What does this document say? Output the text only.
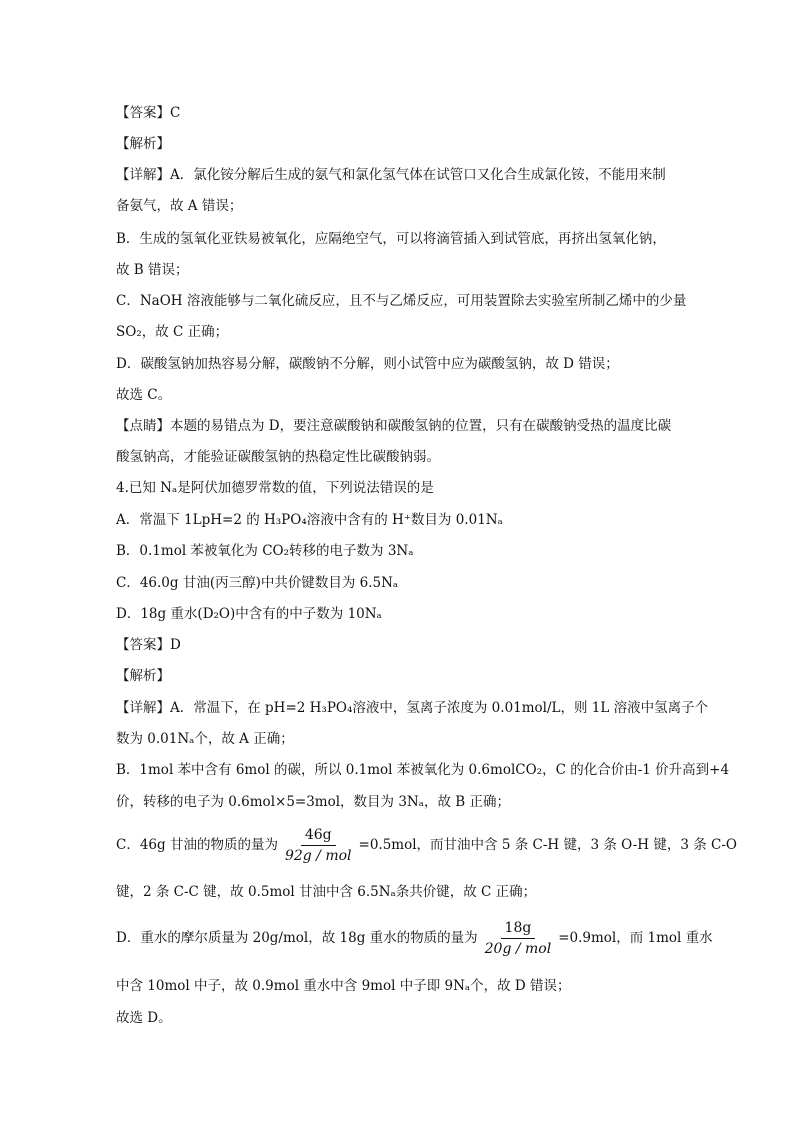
【答案】C
【解析】
【详解】A．氯化铵分解后生成的氨气和氯化氢气体在试管口又化合生成氯化铵，不能用来制
备氨气，故 A 错误；
B．生成的氢氧化亚铁易被氧化，应隔绝空气，可以将滴管插入到试管底，再挤出氢氧化钠，
故 B 错误；
C．NaOH 溶液能够与二氧化硫反应，且不与乙烯反应，可用装置除去实验室所制乙烯中的少量
SO₂，故 C 正确；
D．碳酸氢钠加热容易分解，碳酸钠不分解，则小试管中应为碳酸氢钠，故 D 错误；
故选 C。
【点睛】本题的易错点为 D，要注意碳酸钠和碳酸氢钠的位置，只有在碳酸钠受热的温度比碳
酸氢钠高，才能验证碳酸氢钠的热稳定性比碳酸钠弱。
4.已知 Nₐ是阿伏加德罗常数的值，下列说法错误的是
A．常温下 1LpH=2 的 H₃PO₄溶液中含有的 H⁺数目为 0.01Nₐ
B．0.1mol 苯被氧化为 CO₂转移的电子数为 3Nₐ
C．46.0g 甘油(丙三醇)中共价键数目为 6.5Nₐ
D．18g 重水(D₂O)中含有的中子数为 10Nₐ
【答案】D
【解析】
【详解】A．常温下，在 pH=2 H₃PO₄溶液中，氢离子浓度为 0.01mol/L，则 1L 溶液中氢离子个
数为 0.01Nₐ个，故 A 正确；
B．1mol 苯中含有 6mol 的碳，所以 0.1mol 苯被氧化为 0.6molCO₂，C 的化合价由-1 价升高到+4
价，转移的电子为 0.6mol×5=3mol，数目为 3Nₐ，故 B 正确；
C．46g 甘油的物质的量为 $\frac{46g}{\text{92g / mol}} =0.5mol$，而甘油中含 5 条 C-H 键，3 条 O-H 键，3 条 C-O
键，2 条 C-C 键，故 0.5mol 甘油中含 6.5Nₐ条共价键，故 C 正确；
D．重水的摩尔质量为 20g/mol，故 18g 重水的物质的量为 $\frac{18g}{\text{20g / mol}} =0.9mol$，而 1mol 重水
中含 10mol 中子，故 0.9mol 重水中含 9mol 中子即 9Nₐ个，故 D 错误；
故选 D。
